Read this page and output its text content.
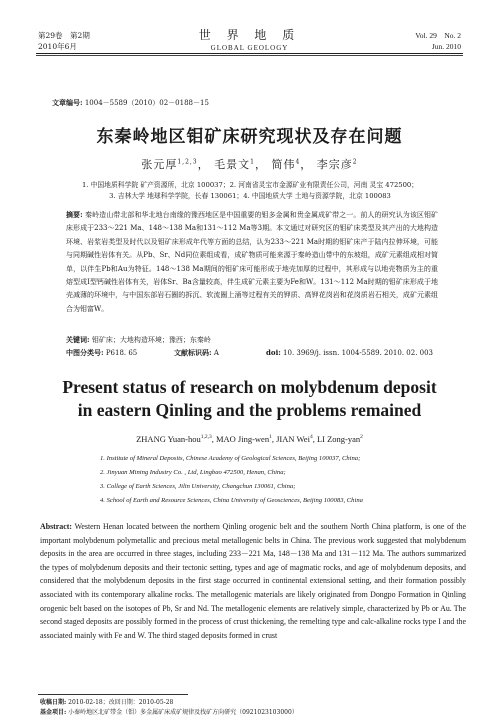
第29卷　第2期
2010年6月
世 界 地 质
GLOBAL GEOLOGY
Vol. 29　No. 2
Jun. 2010
文章编号: 1004－5589（2010）02－0188－15
东秦岭地区钼矿床研究现状及存在问题
张元厚$^{1,2,3}$， 毛景文$^1$， 简伟$^4$， 李宗彦$^2$
1. 中国地质科学院 矿产资源所，北京 100037；2. 河南省灵宝市金源矿业有限责任公司，河南 灵宝 472500；
3. 吉林大学 地球科学学院，长春 130061；4. 中国地质大学 土地与资源学院，北京 100083
摘要: 秦岭造山带北部和华北地台南缘的豫西地区是中国重要的钼多金属和贵金属成矿带之一。前人的研究认为该区钼矿床形成于233～221 Ma、148～138 Ma和131～112 Ma等3期。本文通过对研究区的钼矿床类型及其产出的大地构造环境、岩浆岩类型及时代以及钼矿床形成年代等方面的总结，认为233～221 Ma时期的钼矿床产于陆内拉伸环境，可能与同期碱性岩体有关。从Pb、Sr、Nd同位素组成看，成矿物质可能来源于秦岭造山带中的东坡组，成矿元素组成相对简单，以伴生Pb和Au为特征。148～138 Ma期间的钼矿床可能形成于地壳加厚的过程中，其形成与以地壳物质为主的重熔型成I型钙碱性岩体有关，岩体Sr、Ba含量较高，伴生成矿元素主要为Fe和W。131～112 Ma时期的钼矿床形成于地壳减薄的环境中，与中国东部岩石圈的拆沉、软流圈上涌等过程有关的钾质、高钾花岗岩和花岗质岩石相关，成矿元素组合为钼富W。
关键词: 钼矿床；大地构造环境；豫西；东秦岭
中图分类号: P618. 65	文献标识码: A	doi: 10. 3969/j. issn. 1004-5589. 2010. 02. 003
Present status of research on molybdenum deposit
in eastern Qinling and the problems remained
ZHANG Yuan-hou$^{1,2,3}$, MAO Jing-wen$^1$, JIAN Wei$^4$, LI Zong-yan$^2$
1. Institute of Mineral Deposits, Chinese Academy of Geological Sciences, Beijing 100037, China;
2. Jinyuan Mining Industry Co. , Ltd, Lingbao 472500, Henan, China;
3. College of Earth Sciences, Jilin University, Changchun 130061, China;
4. School of Earth and Resource Sciences, China University of Geosciences, Beijing 100083, China
Abstract: Western Henan located between the northern Qinling orogenic belt and the southern North China platform, is one of the important molybdenum polymetallic and precious metal metallogenic belts in China. The previous work suggested that molybdenum deposits in the area are occurred in three stages, including 233－221 Ma, 148－138 Ma and 131－112 Ma. The authors summarized the types of molybdenum deposits and their tectonic setting, types and age of magmatic rocks, and age of molybdenum deposits, and considered that the molybdenum deposits in the first stage occurred in continental extensional setting, and their formation possibly associated with its contemporary alkaline rocks. The metallogenic materials are likely originated from Dongpo Formation in Qinling orogenic belt based on the isotopes of Pb, Sr and Nd. The metallogenic elements are relatively simple, characterized by Pb or Au. The second staged deposits are possibly formed in the process of crust thickening, the remelting type and calc-alkaline rocks type I and the associated mainly with Fe and W. The third staged deposits formed in crust
收稿日期: 2010-02-18；改回日期：2010-05-28
基金项目: 小秦岭地区北矿带金（钼）多金属矿床成矿规律及找矿方向研究（0921023103000）
